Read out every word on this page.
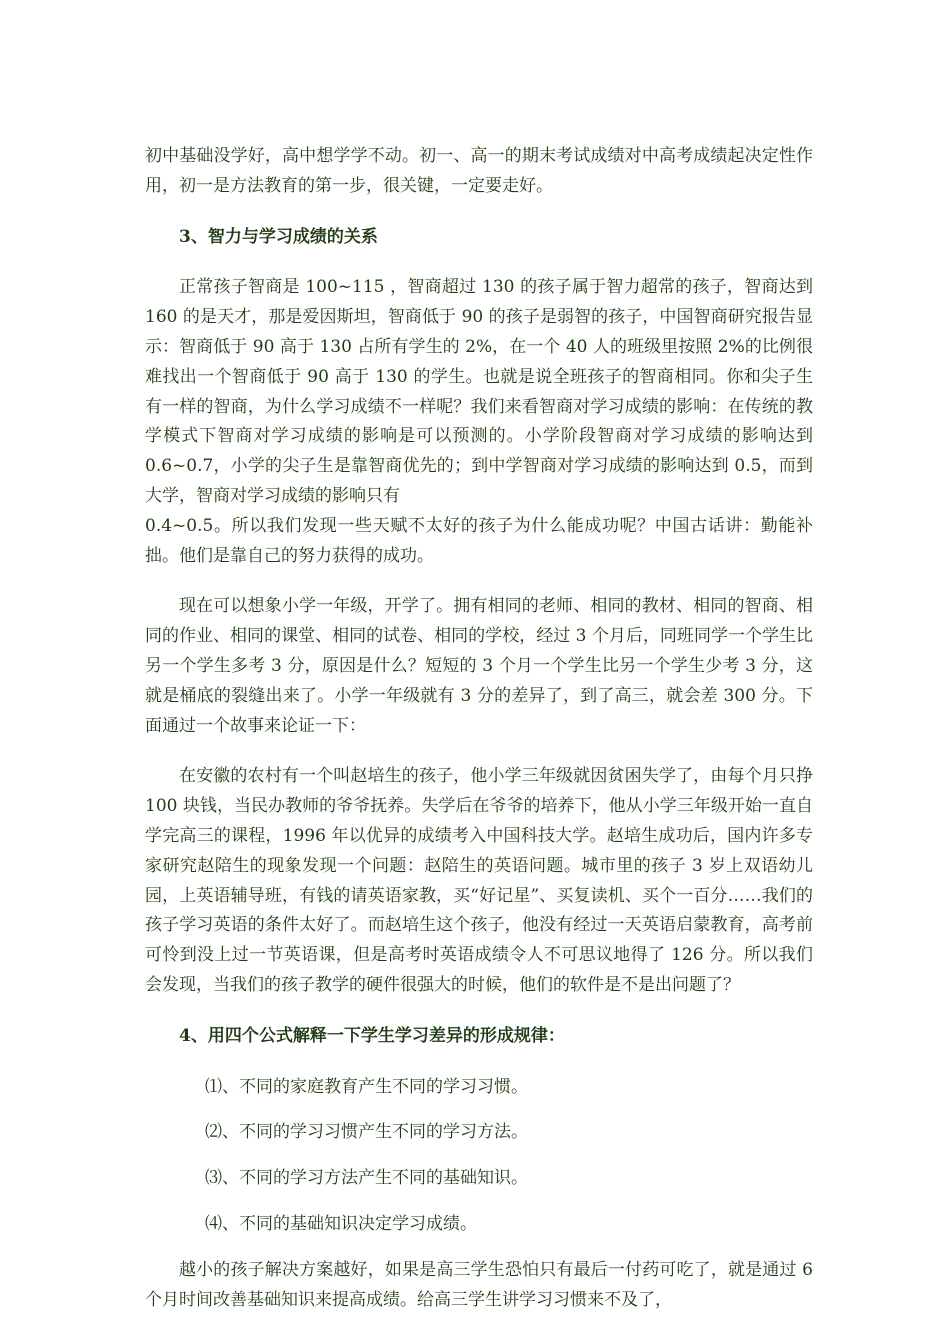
初中基础没学好，高中想学学不动。初一、高一的期末考试成绩对中高考成绩起决定性作用，初一是方法教育的第一步，很关键，一定要走好。

3、智力与学习成绩的关系

正常孩子智商是 100~115 ，智商超过 130 的孩子属于智力超常的孩子，智商达到 160 的是天才，那是爱因斯坦，智商低于 90 的孩子是弱智的孩子，中国智商研究报告显示：智商低于 90 高于 130 占所有学生的 2%，在一个 40 人的班级里按照 2%的比例很难找出一个智商低于 90 高于 130 的学生。也就是说全班孩子的智商相同。你和尖子生有一样的智商，为什么学习成绩不一样呢？我们来看智商对学习成绩的影响：在传统的教学模式下智商对学习成绩的影响是可以预测的。小学阶段智商对学习成绩的影响达到 0.6~0.7，小学的尖子生是靠智商优先的；到中学智商对学习成绩的影响达到 0.5，而到大学，智商对学习成绩的影响只有
0.4~0.5。所以我们发现一些天赋不太好的孩子为什么能成功呢？中国古话讲：勤能补拙。他们是靠自己的努力获得的成功。

现在可以想象小学一年级，开学了。拥有相同的老师、相同的教材、相同的智商、相同的作业、相同的课堂、相同的试卷、相同的学校，经过 3 个月后，同班同学一个学生比另一个学生多考 3 分，原因是什么？短短的 3 个月一个学生比另一个学生少考 3 分，这就是桶底的裂缝出来了。小学一年级就有 3 分的差异了，到了高三，就会差 300 分。下面通过一个故事来论证一下：

在安徽的农村有一个叫赵培生的孩子，他小学三年级就因贫困失学了，由每个月只挣 100 块钱，当民办教师的爷爷抚养。失学后在爷爷的培养下，他从小学三年级开始一直自学完高三的课程，1996 年以优异的成绩考入中国科技大学。赵培生成功后，国内许多专家研究赵陪生的现象发现一个问题：赵陪生的英语问题。城市里的孩子 3 岁上双语幼儿园，上英语辅导班，有钱的请英语家教，买“好记星”、买复读机、买个一百分……我们的孩子学习英语的条件太好了。而赵培生这个孩子，他没有经过一天英语启蒙教育，高考前可怜到没上过一节英语课，但是高考时英语成绩令人不可思议地得了 126 分。所以我们会发现，当我们的孩子教学的硬件很强大的时候，他们的软件是不是出问题了？

4、用四个公式解释一下学生学习差异的形成规律：
⑴、不同的家庭教育产生不同的学习习惯。
⑵、不同的学习习惯产生不同的学习方法。
⑶、不同的学习方法产生不同的基础知识。
⑷、不同的基础知识决定学习成绩。

越小的孩子解决方案越好，如果是高三学生恐怕只有最后一付药可吃了，就是通过 6 个月时间改善基础知识来提高成绩。给高三学生讲学习习惯来不及了，
